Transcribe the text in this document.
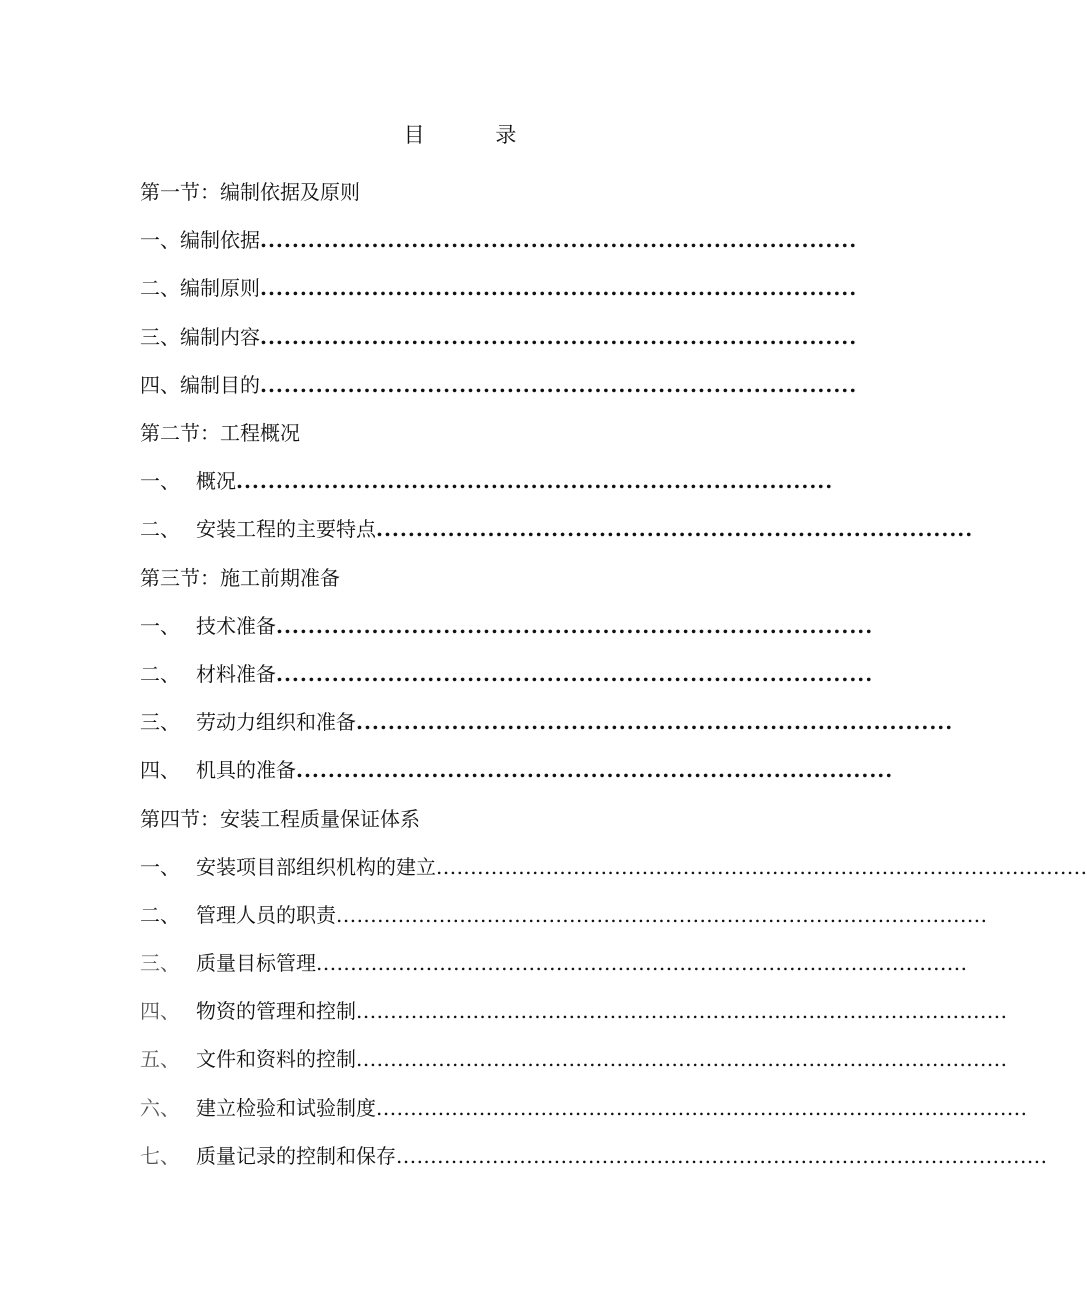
目 录
第一节：编制依据及原则
一、 编制依据 ...........................................................................
二、 编制原则 ...........................................................................
三、 编制内容 ...........................................................................
四、 编制目的 ...........................................................................
第二节：工程概况
一、 概况 ...........................................................................
二、 安装工程的主要特点 ...........................................................................
第三节：施工前期准备
一、 技术准备 ...........................................................................
二、 材料准备 ...........................................................................
三、 劳动力组织和准备 ...........................................................................
四、 机具的准备 ...........................................................................
第四节：安装工程质量保证体系
一、 安装项目部组织机构的建立 ...............................................................................................
二、 管理人员的职责 ...............................................................................................
三、 质量目标管理 ...............................................................................................
四、 物资的管理和控制 ...............................................................................................
五、 文件和资料的控制 ...............................................................................................
六、 建立检验和试验制度 ...............................................................................................
七、 质量记录的控制和保存 ...............................................................................................
